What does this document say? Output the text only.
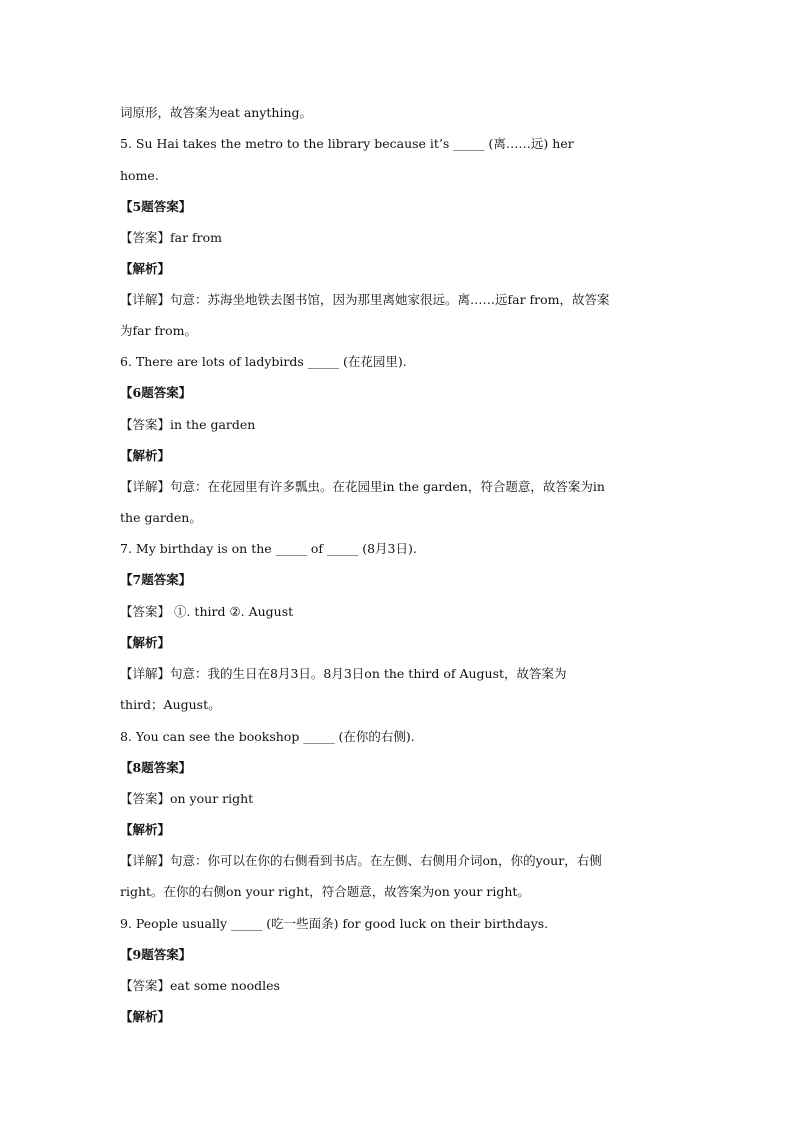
词原形，故答案为eat anything。
5. Su Hai takes the metro to the library because it’s _____ (离……远) her
home.
【5题答案】
【答案】far from
【解析】
【详解】句意：苏海坐地铁去图书馆，因为那里离她家很远。离……远far from，故答案
为far from。
6. There are lots of ladybirds _____ (在花园里).
【6题答案】
【答案】in the garden
【解析】
【详解】句意：在花园里有许多瓢虫。在花园里in the garden，符合题意，故答案为in
the garden。
7. My birthday is on the _____ of _____ (8月3日).
【7题答案】
【答案】 ①. third ②. August
【解析】
【详解】句意：我的生日在8月3日。8月3日on the third of August，故答案为
third；August。
8. You can see the bookshop _____ (在你的右侧).
【8题答案】
【答案】on your right
【解析】
【详解】句意：你可以在你的右侧看到书店。在左侧、右侧用介词on，你的your，右侧
right。在你的右侧on your right，符合题意，故答案为on your right。
9. People usually _____ (吃一些面条) for good luck on their birthdays.
【9题答案】
【答案】eat some noodles
【解析】
